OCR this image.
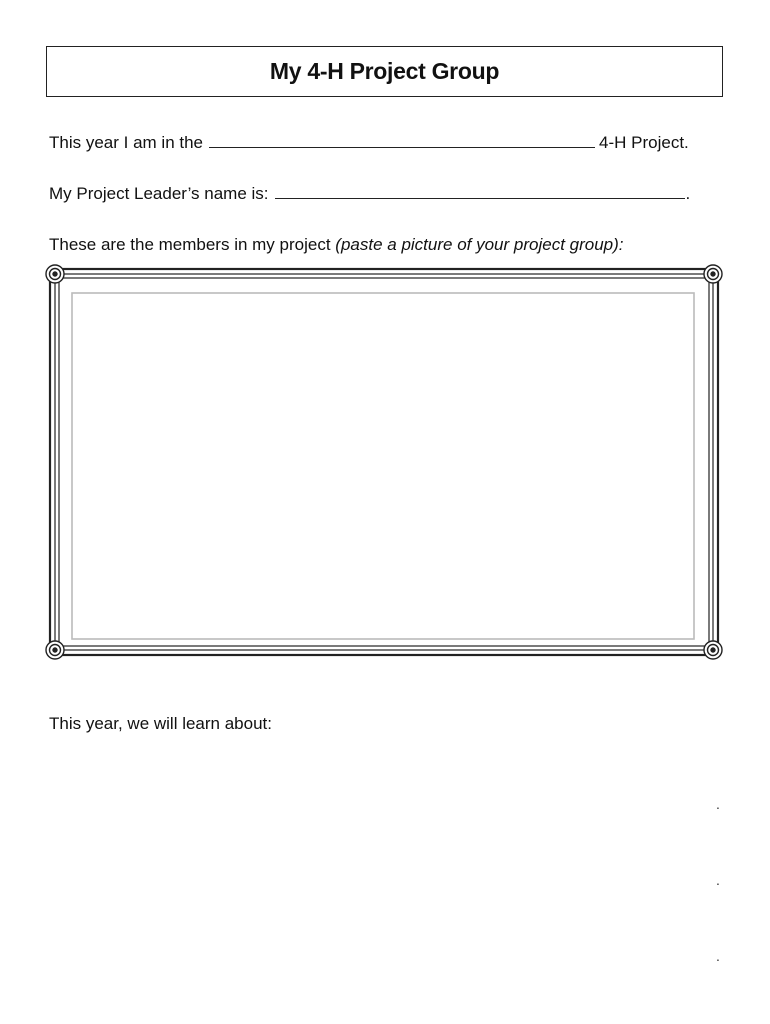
My 4-H Project Group
This year I am in the	4-H Project.
My Project Leader’s name is:	.
These are the members in my project (paste a picture of your project group):
This year, we will learn about:
.
.
.
